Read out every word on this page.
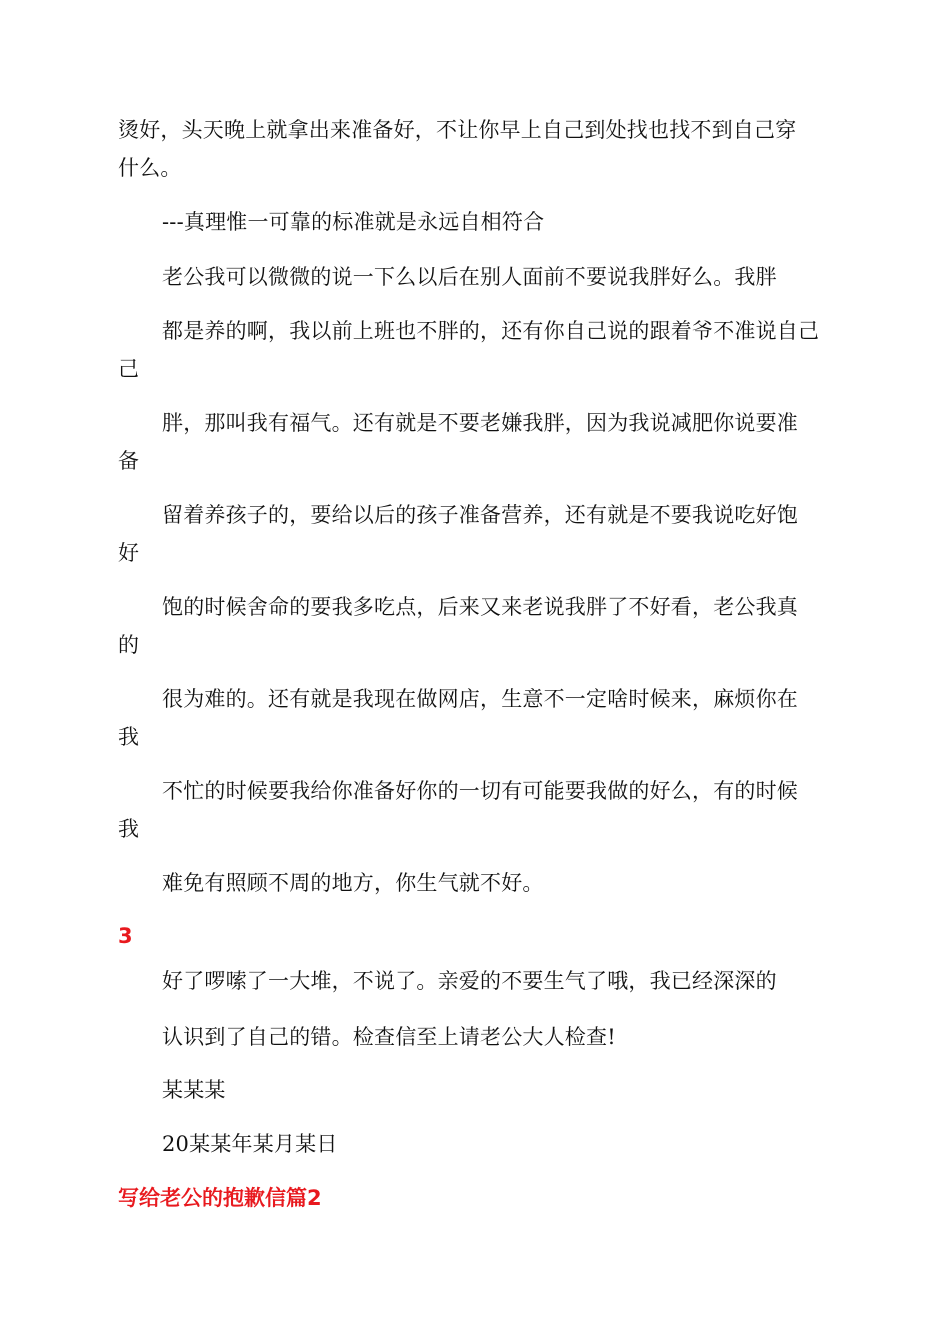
烫好，头天晚上就拿出来准备好，不让你早上自己到处找也找不到自己穿
什么。
---真理惟一可靠的标准就是永远自相符合
老公我可以微微的说一下么以后在别人面前不要说我胖好么。我胖
都是养的啊，我以前上班也不胖的，还有你自己说的跟着爷不准说自己
己
胖，那叫我有福气。还有就是不要老嫌我胖，因为我说减肥你说要准
备
留着养孩子的，要给以后的孩子准备营养，还有就是不要我说吃好饱
好
饱的时候舍命的要我多吃点，后来又来老说我胖了不好看，老公我真
的
很为难的。还有就是我现在做网店，生意不一定啥时候来，麻烦你在
我
不忙的时候要我给你准备好你的一切有可能要我做的好么，有的时候
我
难免有照顾不周的地方，你生气就不好。
3
好了啰嗦了一大堆，不说了。亲爱的不要生气了哦，我已经深深的
认识到了自己的错。检查信至上请老公大人检查!
某某某
20某某年某月某日
写给老公的抱歉信篇2
